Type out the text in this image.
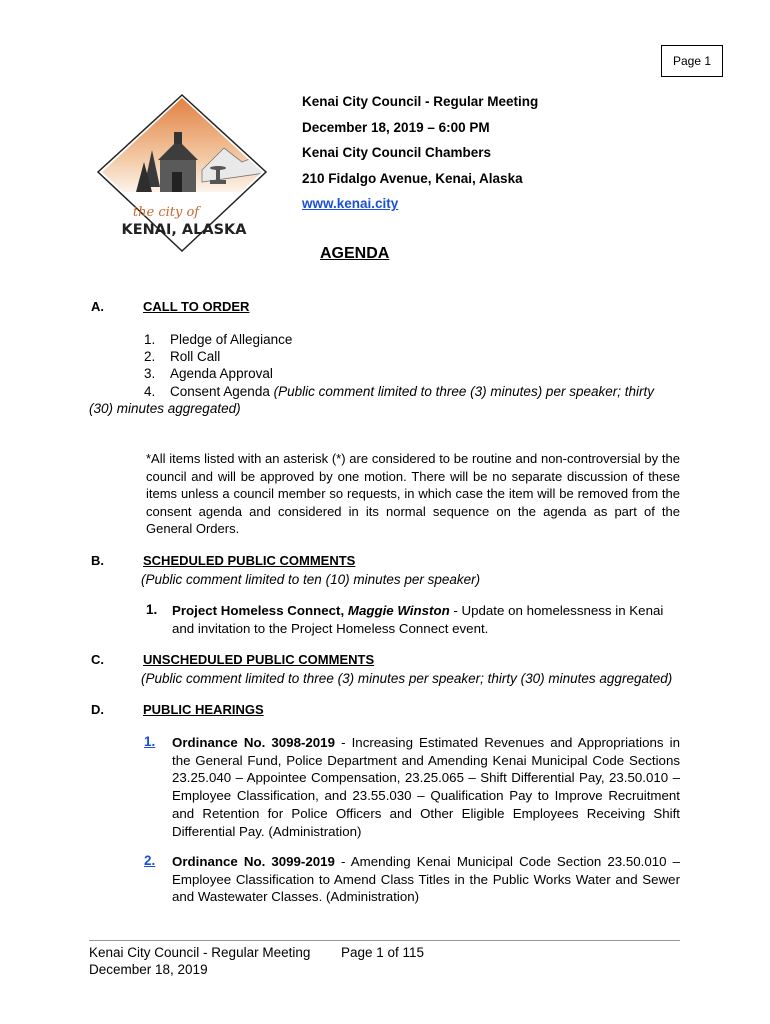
Page 1
the city of
KENAI, ALASKA
Kenai City Council - Regular Meeting
December 18, 2019 – 6:00 PM
Kenai City Council Chambers
210 Fidalgo Avenue, Kenai, Alaska
www.kenai.city
AGENDA
A.	CALL TO ORDER
1. Pledge of Allegiance
2. Roll Call
3. Agenda Approval
4. Consent Agenda (Public comment limited to three (3) minutes) per speaker; thirty
(30) minutes aggregated)
*All items listed with an asterisk (*) are considered to be routine and non-controversial by the council and will be approved by one motion. There will be no separate discussion of these items unless a council member so requests, in which case the item will be removed from the consent agenda and considered in its normal sequence on the agenda as part of the General Orders.
B.	SCHEDULED PUBLIC COMMENTS
(Public comment limited to ten (10) minutes per speaker)
1. Project Homeless Connect, Maggie Winston - Update on homelessness in Kenai
and invitation to the Project Homeless Connect event.
C.	UNSCHEDULED PUBLIC COMMENTS
(Public comment limited to three (3) minutes per speaker; thirty (30) minutes aggregated)
D.	PUBLIC HEARINGS
1. Ordinance No. 3098-2019 - Increasing Estimated Revenues and Appropriations in the General Fund, Police Department and Amending Kenai Municipal Code Sections 23.25.040 – Appointee Compensation, 23.25.065 – Shift Differential Pay, 23.50.010 – Employee Classification, and 23.55.030 – Qualification Pay to Improve Recruitment and Retention for Police Officers and Other Eligible Employees Receiving Shift Differential Pay. (Administration)
2. Ordinance No. 3099-2019 - Amending Kenai Municipal Code Section 23.50.010 – Employee Classification to Amend Class Titles in the Public Works Water and Sewer and Wastewater Classes. (Administration)
Kenai City Council - Regular Meeting
December 18, 2019
Page 1 of 115
